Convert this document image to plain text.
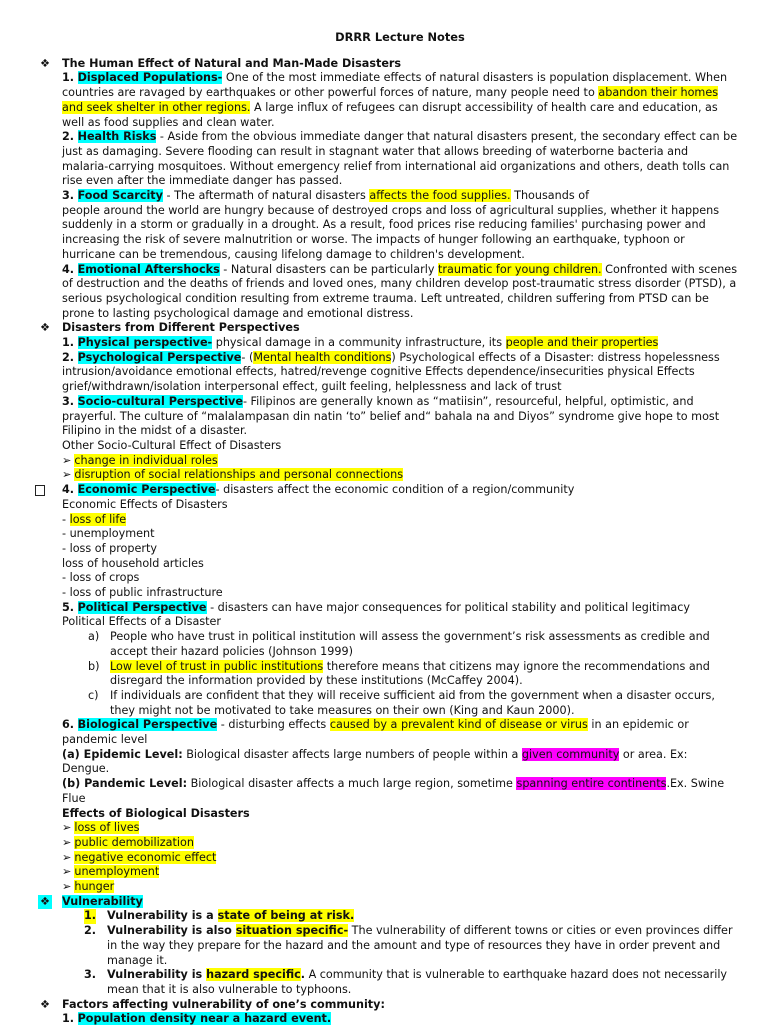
DRRR Lecture Notes

❖ The Human Effect of Natural and Man-Made Disasters

1. Displaced Populations- One of the most immediate effects of natural disasters is population displacement. When countries are ravaged by earthquakes or other powerful forces of nature, many people need to abandon their homes and seek shelter in other regions. A large influx of refugees can disrupt accessibility of health care and education, as well as food supplies and clean water.

2. Health Risks - Aside from the obvious immediate danger that natural disasters present, the secondary effect can be just as damaging. Severe flooding can result in stagnant water that allows breeding of waterborne bacteria and malaria-carrying mosquitoes. Without emergency relief from international aid organizations and others, death tolls can rise even after the immediate danger has passed.

3. Food Scarcity - The aftermath of natural disasters affects the food supplies. Thousands of

people around the world are hungry because of destroyed crops and loss of agricultural supplies, whether it happens suddenly in a storm or gradually in a drought. As a result, food prices rise reducing families' purchasing power and increasing the risk of severe malnutrition or worse. The impacts of hunger following an earthquake, typhoon or hurricane can be tremendous, causing lifelong damage to children's development.

4. Emotional Aftershocks - Natural disasters can be particularly traumatic for young children. Confronted with scenes of destruction and the deaths of friends and loved ones, many children develop post-traumatic stress disorder (PTSD), a serious psychological condition resulting from extreme trauma. Left untreated, children suffering from PTSD can be prone to lasting psychological damage and emotional distress.

❖ Disasters from Different Perspectives

1. Physical perspective- physical damage in a community infrastructure, its people and their properties

2. Psychological Perspective- (Mental health conditions) Psychological effects of a Disaster: distress hopelessness intrusion/avoidance emotional effects, hatred/revenge cognitive Effects dependence/insecurities physical Effects grief/withdrawn/isolation interpersonal effect, guilt feeling, helplessness and lack of trust

3. Socio-cultural Perspective- Filipinos are generally known as “matiisin”, resourceful, helpful, optimistic, and prayerful. The culture of “malalampasan din natin ‘to” belief and“ bahala na and Diyos” syndrome give hope to most Filipino in the midst of a disaster.

Other Socio-Cultural Effect of Disasters

➢ change in individual roles

➢ disruption of social relationships and personal connections

4. Economic Perspective- disasters affect the economic condition of a region/community

Economic Effects of Disasters

- loss of life

- unemployment

- loss of property

loss of household articles

- loss of crops

- loss of public infrastructure

5. Political Perspective - disasters can have major consequences for political stability and political legitimacy

Political Effects of a Disaster

a) People who have trust in political institution will assess the government’s risk assessments as credible and accept their hazard policies (Johnson 1999)
b) Low level of trust in public institutions therefore means that citizens may ignore the recommendations and disregard the information provided by these institutions (McCaffey 2004).
c) If individuals are confident that they will receive sufficient aid from the government when a disaster occurs, they might not be motivated to take measures on their own (King and Kaun 2000).

6. Biological Perspective - disturbing effects caused by a prevalent kind of disease or virus in an epidemic or pandemic level

(a) Epidemic Level: Biological disaster affects large numbers of people within a given community or area. Ex: Dengue.

(b) Pandemic Level: Biological disaster affects a much large region, sometime spanning entire continents.Ex. Swine Flue

Effects of Biological Disasters

➢ loss of lives

➢ public demobilization

➢ negative economic effect

➢ unemployment

➢ hunger

❖ Vulnerability

1. Vulnerability is a state of being at risk.
2. Vulnerability is also situation specific- The vulnerability of different towns or cities or even provinces differ in the way they prepare for the hazard and the amount and type of resources they have in order prevent and manage it.
3. Vulnerability is hazard specific. A community that is vulnerable to earthquake hazard does not necessarily mean that it is also vulnerable to typhoons.

❖ Factors affecting vulnerability of one’s community:

1. Population density near a hazard event.
